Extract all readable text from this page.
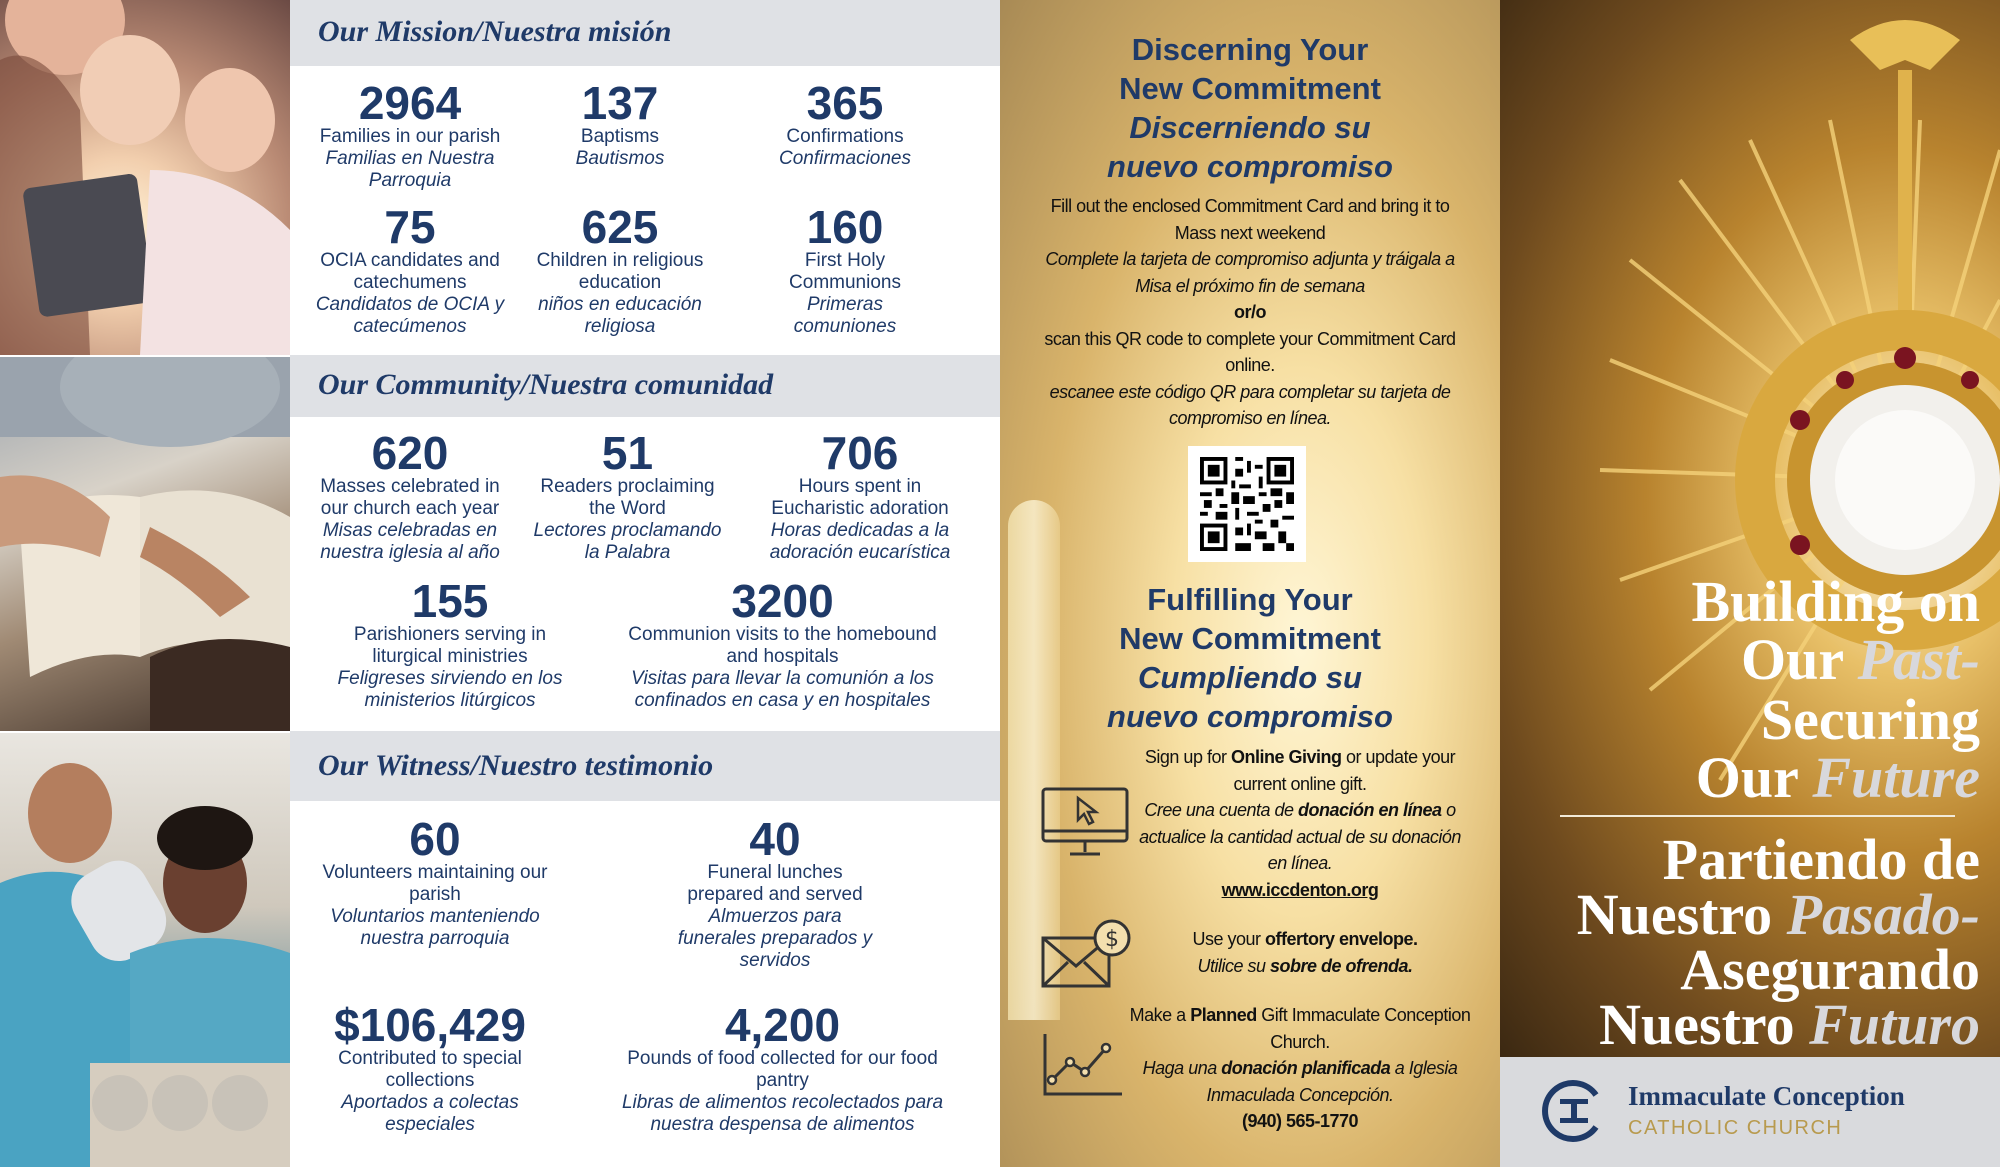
Our Mission/Nuestra misión
2964
Families in our parish
Familias en Nuestra Parroquia
137
Baptisms
Bautismos
365
Confirmations
Confirmaciones
75
OCIA candidates and catechumens
Candidatos de OCIA y catecúmenos
625
Children in religious education
niños en educación religiosa
160
First Holy Communions
Primeras comuniones
Our Community/Nuestra comunidad
620
Masses celebrated in our church each year
Misas celebradas en nuestra iglesia al año
51
Readers proclaiming the Word
Lectores proclamando la Palabra
706
Hours spent in Eucharistic adoration
Horas dedicadas a la adoración eucarística
155
Parishioners serving in liturgical ministries
Feligreses sirviendo en los ministerios litúrgicos
3200
Communion visits to the homebound and hospitals
Visitas para llevar la comunión a los confinados en casa y en hospitales
Our Witness/Nuestro testimonio
60
Volunteers maintaining our parish
Voluntarios manteniendo nuestra parroquia
40
Funeral lunches prepared and served
Almuerzos para funerales preparados y servidos
$106,429
Contributed to special collections
Aportados a colectas especiales
4,200
Pounds of food collected for our food pantry
Libras de alimentos recolectados para nuestra despensa de alimentos
Discerning Your
New Commitment
Discerniendo su
nuevo compromiso

Fill out the enclosed Commitment Card and bring it to Mass next weekend

Complete la tarjeta de compromiso adjunta y tráigala a Misa el próximo fin de semana

or/o

scan this QR code to complete your Commitment Card online.

escanee este código QR para completar su tarjeta de compromiso en línea.

Fulfilling Your
New Commitment
Cumpliendo su
nuevo compromiso

Sign up for Online Giving or update your current online gift.

Cree una cuenta de donación en línea o actualice la cantidad actual de su donación en línea.

www.iccdenton.org

$	Use your offertory envelope.

Utilice su sobre de ofrenda.

Make a Planned Gift Immaculate Conception Church.

Haga una donación planificada a Iglesia Inmaculada Concepción.

(940) 565-1770

Building on
Our Past-
Securing
Our Future
Partiendo de
Nuestro Pasado-
Asegurando
Nuestro Futuro
Immaculate Conception
CATHOLIC CHURCH
